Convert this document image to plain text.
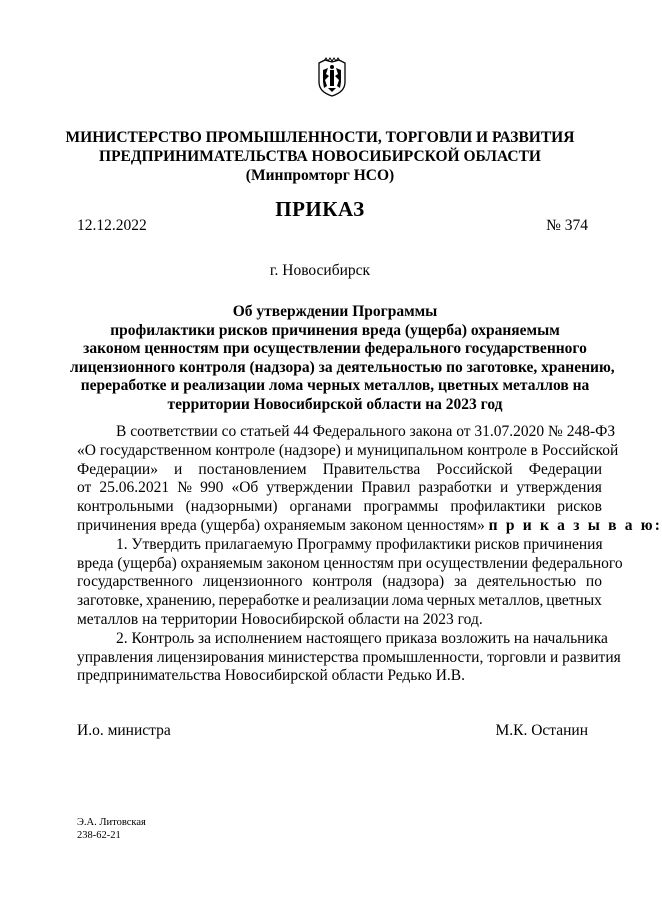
МИНИСТЕРСТВО ПРОМЫШЛЕННОСТИ, ТОРГОВЛИ И РАЗВИТИЯ
ПРЕДПРИНИМАТЕЛЬСТВА НОВОСИБИРСКОЙ ОБЛАСТИ
(Минпромторг НСО)
ПРИКАЗ
12.12.2022	№ 374
г. Новосибирск
Об утверждении Программы
профилактики рисков причинения вреда (ущерба) охраняемым
законом ценностям при осуществлении федерального государственного
лицензионного контроля (надзора) за деятельностью по заготовке, хранению,
переработке и реализации лома черных металлов, цветных металлов на
территории Новосибирской области на 2023 год
В соответствии со статьей 44 Федерального закона от 31.07.2020 № 248-ФЗ
«О государственном контроле (надзоре) и муниципальном контроле в Российской
Федерации» и постановлением Правительства Российской Федерации
от 25.06.2021 № 990 «Об утверждении Правил разработки и утверждения
контрольными (надзорными) органами программы профилактики рисков
причинения вреда (ущерба) охраняемым законом ценностям» п р и к а з ы в а ю:
1. Утвердить прилагаемую Программу профилактики рисков причинения
вреда (ущерба) охраняемым законом ценностям при осуществлении федерального
государственного лицензионного контроля (надзора) за деятельностью по
заготовке, хранению, переработке и реализации лома черных металлов, цветных
металлов на территории Новосибирской области на 2023 год.
2. Контроль за исполнением настоящего приказа возложить на начальника
управления лицензирования министерства промышленности, торговли и развития
предпринимательства Новосибирской области Редько И.В.
И.о. министра	М.К. Останин
Э.А. Литовская
238-62-21
